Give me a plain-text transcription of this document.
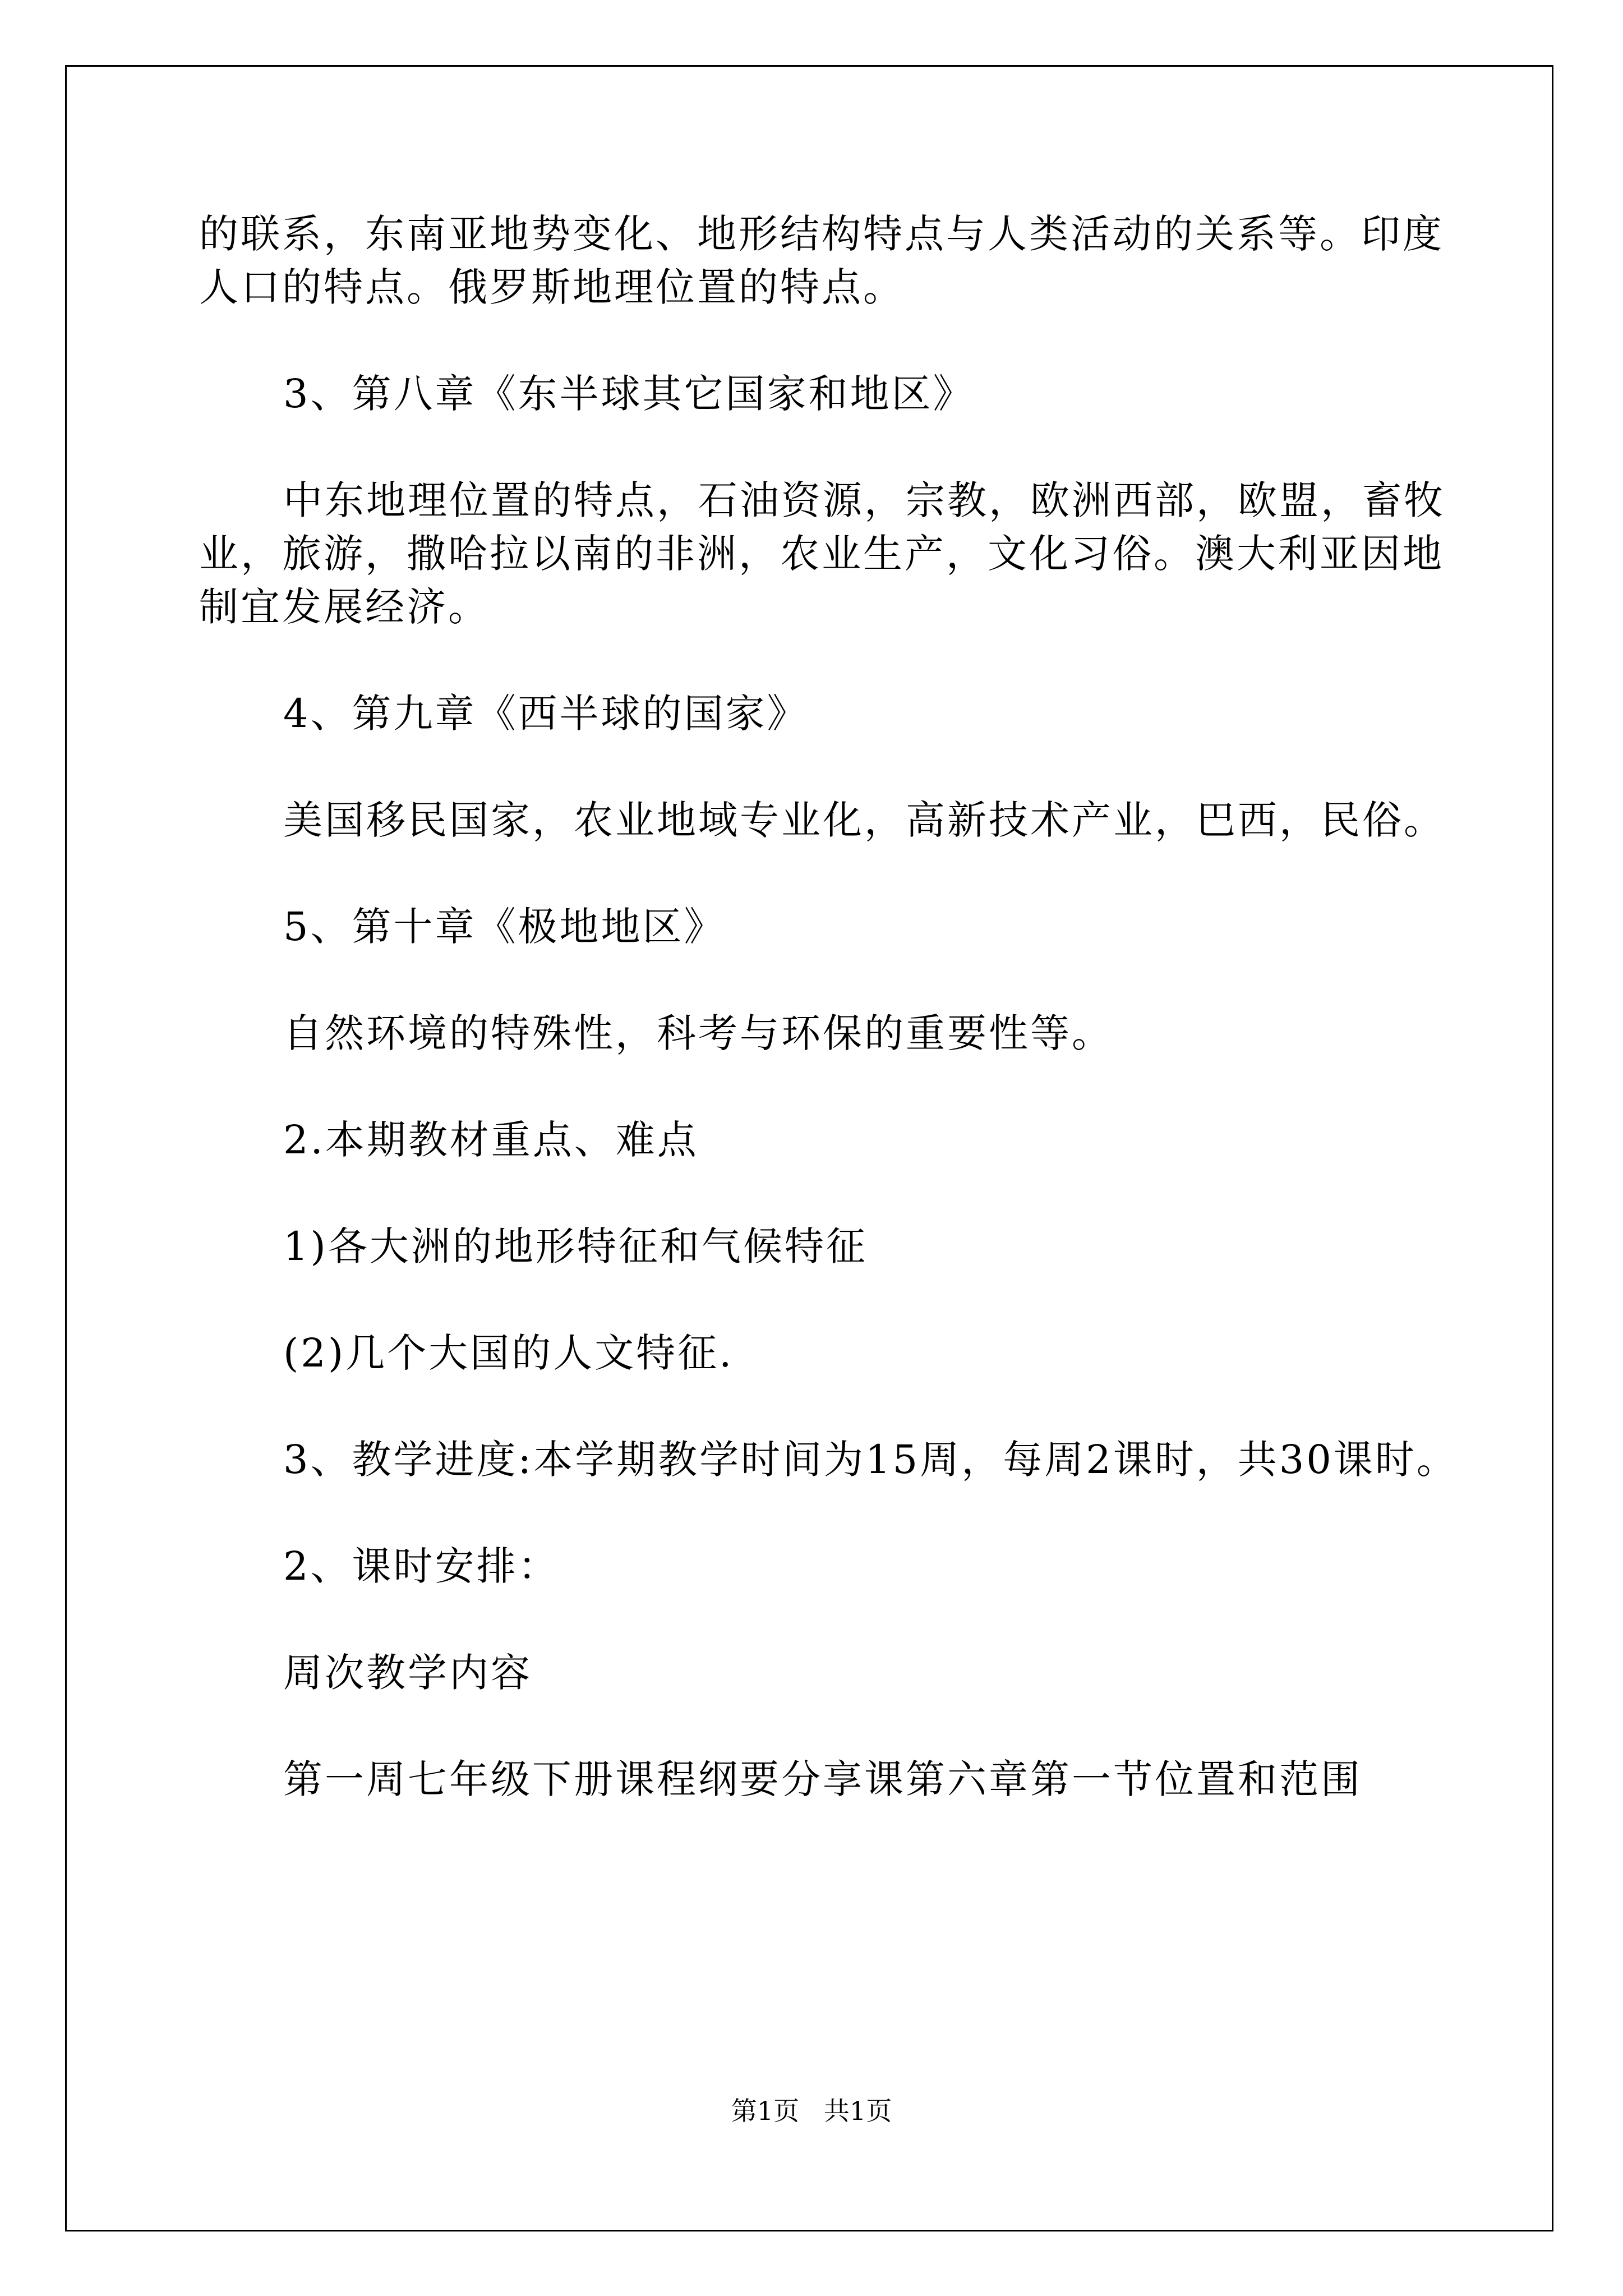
的联系，东南亚地势变化、地形结构特点与人类活动的关系等。印度
人口的特点。俄罗斯地理位置的特点。
3、第八章《东半球其它国家和地区》
中东地理位置的特点，石油资源，宗教，欧洲西部，欧盟，畜牧
业，旅游，撒哈拉以南的非洲，农业生产，文化习俗。澳大利亚因地
制宜发展经济。
4、第九章《西半球的国家》
美国移民国家，农业地域专业化，高新技术产业，巴西，民俗。
5、第十章《极地地区》
自然环境的特殊性，科考与环保的重要性等。
2.本期教材重点、难点
1)各大洲的地形特征和气候特征
(2)几个大国的人文特征.
3、教学进度:本学期教学时间为15周，每周2课时，共30课时。
2、课时安排：
周次教学内容
第一周七年级下册课程纲要分享课第六章第一节位置和范围
第1页   共1页
